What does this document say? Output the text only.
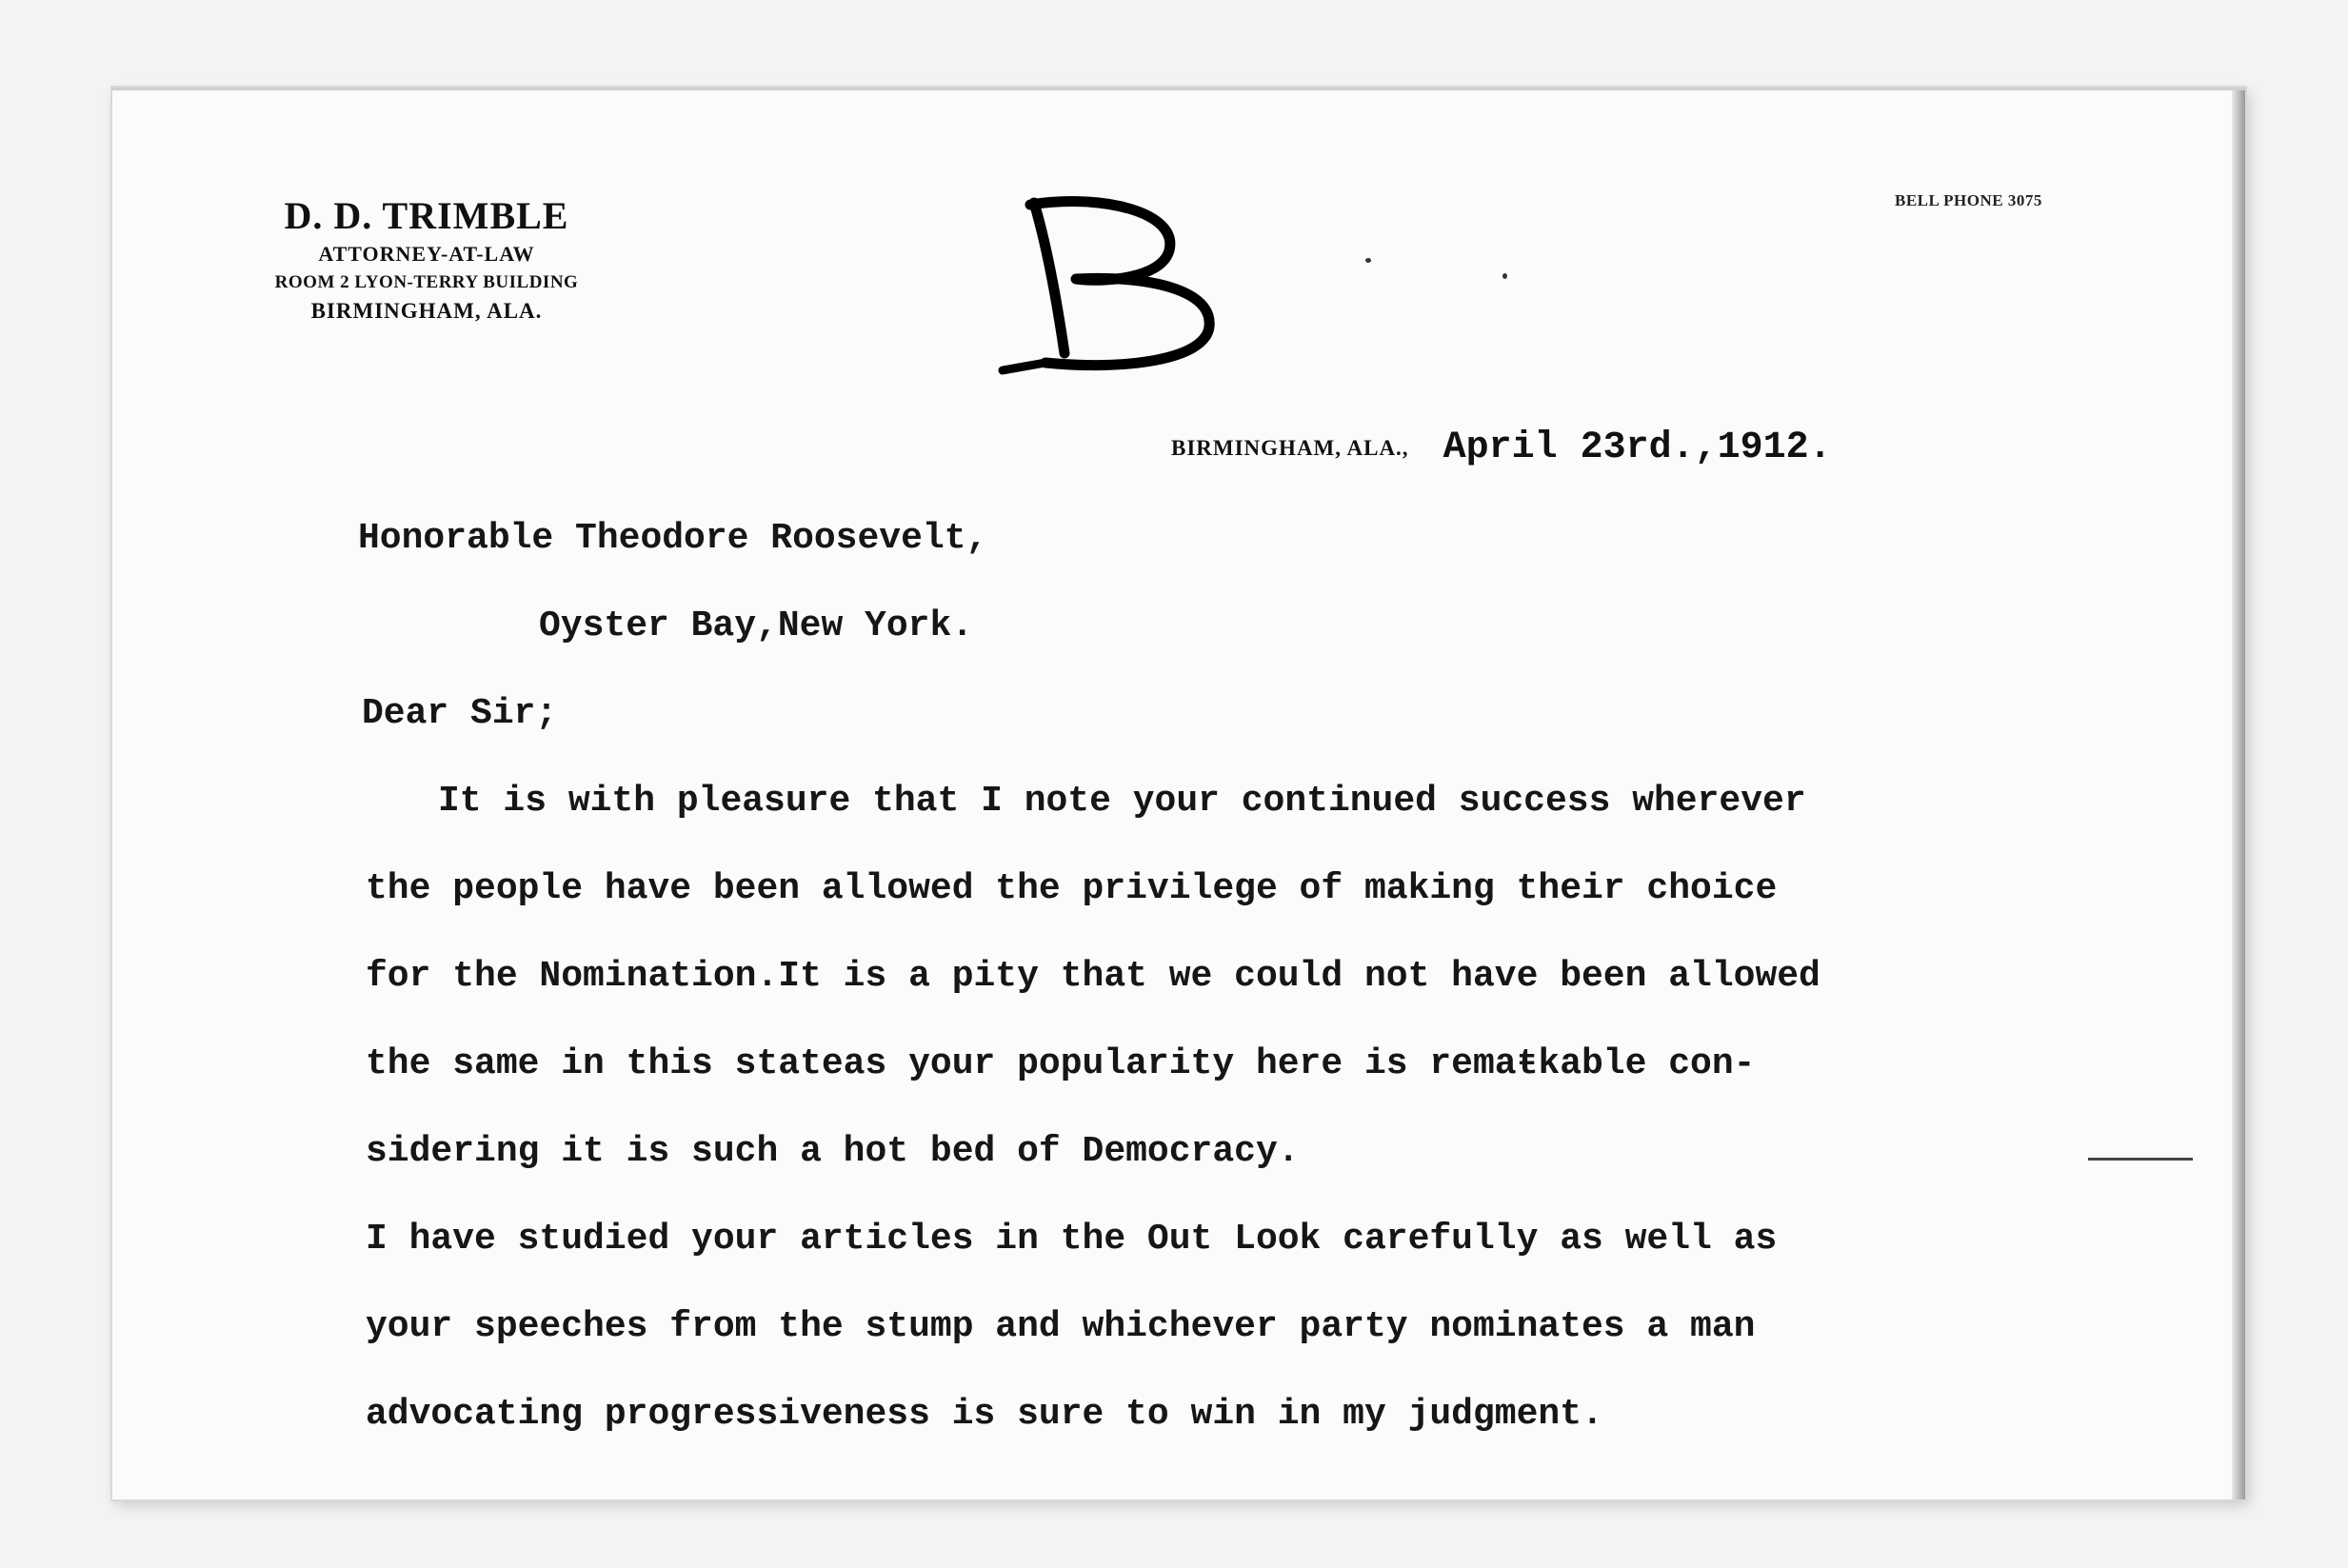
D. D. TRIMBLE

ATTORNEY-AT-LAW

ROOM 2 LYON-TERRY BUILDING

BIRMINGHAM, ALA.

BELL PHONE 3075
BIRMINGHAM, ALA., April 23rd.,1912.

Honorable Theodore Roosevelt,

Oyster Bay,New York.

Dear Sir;

It is with pleasure that I note your continued success wherever

the people have been allowed the privilege of making their choice

for the Nomination.It is a pity that we could not have been allowed

the same in this stateas your popularity here is remaŧkable con-

sidering it is such a hot bed of Democracy.

I have studied your articles in the Out Look carefully as well as

your speeches from the stump and whichever party nominates a man

advocating progressiveness is sure to win in my judgment.
